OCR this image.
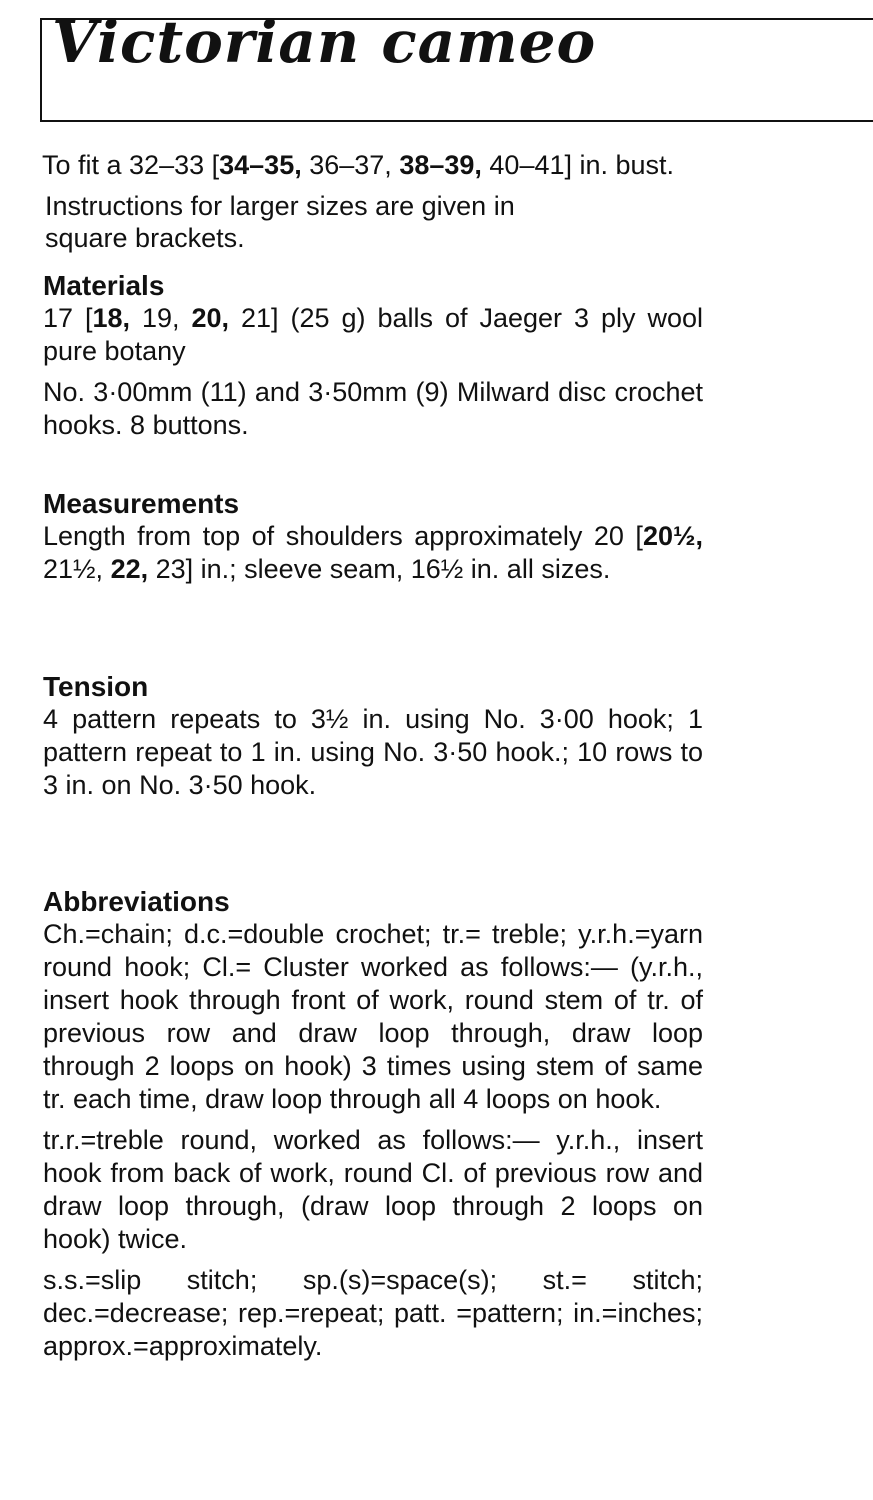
Victorian cameo

To fit a 32–33 [34–35, 36–37, 38–39, 40–41] in. bust.

Instructions for larger sizes are given in square brackets.

Materials

17 [18, 19, 20, 21] (25 g) balls of Jaeger 3 ply wool pure botany

No. 3·00mm (11) and 3·50mm (9) Milward disc crochet hooks. 8 buttons.

Measurements

Length from top of shoulders approximately 20 [20½, 21½, 22, 23] in.; sleeve seam, 16½ in. all sizes.

Tension

4 pattern repeats to 3½ in. using No. 3·00 hook; 1 pattern repeat to 1 in. using No. 3·50 hook.; 10 rows to 3 in. on No. 3·50 hook.

Abbreviations

Ch.=chain; d.c.=double crochet; tr.= treble; y.r.h.=yarn round hook; Cl.= Cluster worked as follows:— (y.r.h., insert hook through front of work, round stem of tr. of previous row and draw loop through, draw loop through 2 loops on hook) 3 times using stem of same tr. each time, draw loop through all 4 loops on hook.

tr.r.=treble round, worked as follows:— y.r.h., insert hook from back of work, round Cl. of previous row and draw loop through, (draw loop through 2 loops on hook) twice.

s.s.=slip stitch; sp.(s)=space(s); st.= stitch; dec.=decrease; rep.=repeat; patt. =pattern; in.=inches; approx.=approximately.
